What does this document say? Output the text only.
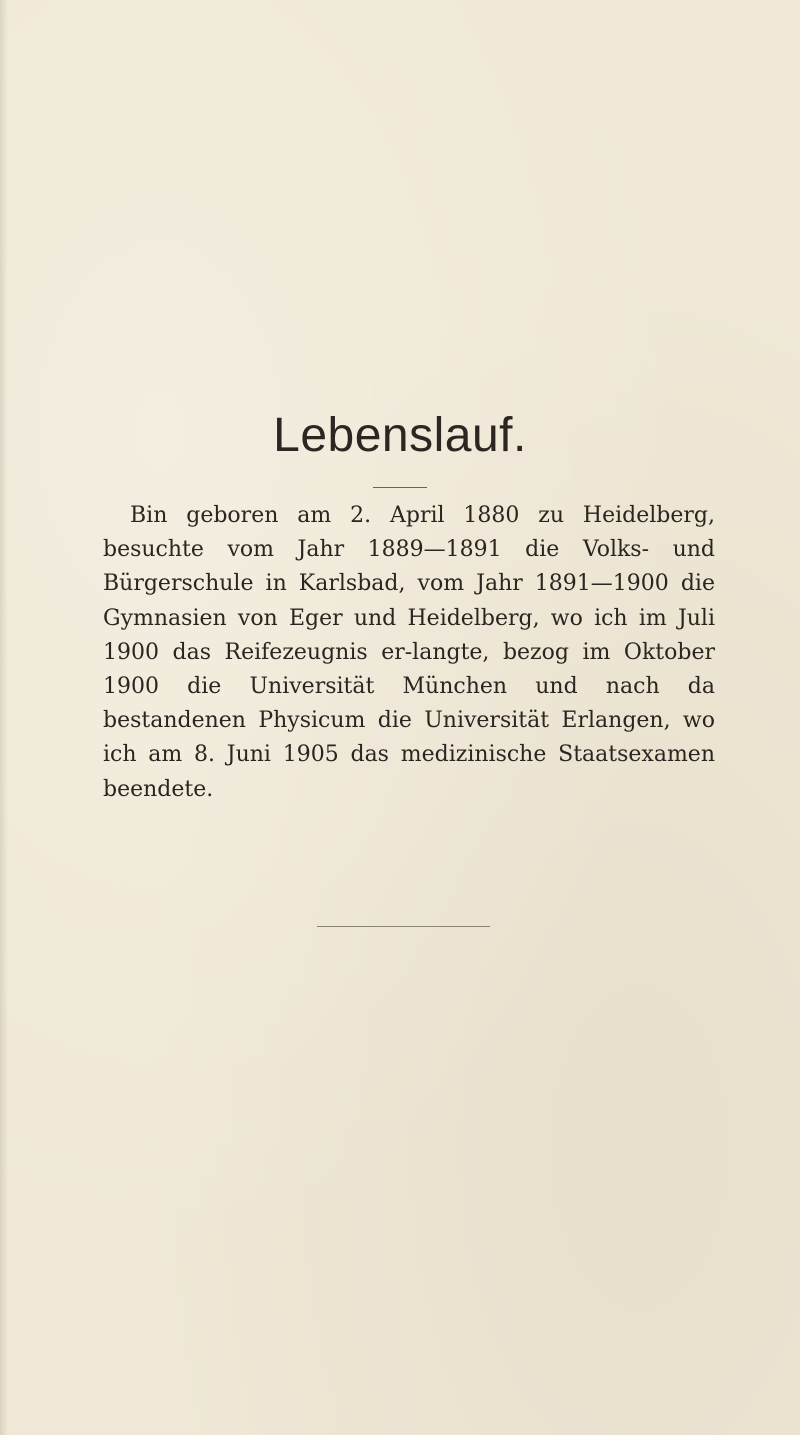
Lebenslauf.

Bin geboren am 2. April 1880 zu Heidelberg, besuchte vom Jahr 1889—1891 die Volks- und Bürgerschule in Karlsbad, vom Jahr 1891—1900 die Gymnasien von Eger und Heidelberg, wo ich im Juli 1900 das Reifezeugnis er-langte, bezog im Oktober 1900 die Universität München und nach da bestandenen Physicum die Universität Erlangen, wo ich am 8. Juni 1905 das medizinische Staatsexamen beendete.
